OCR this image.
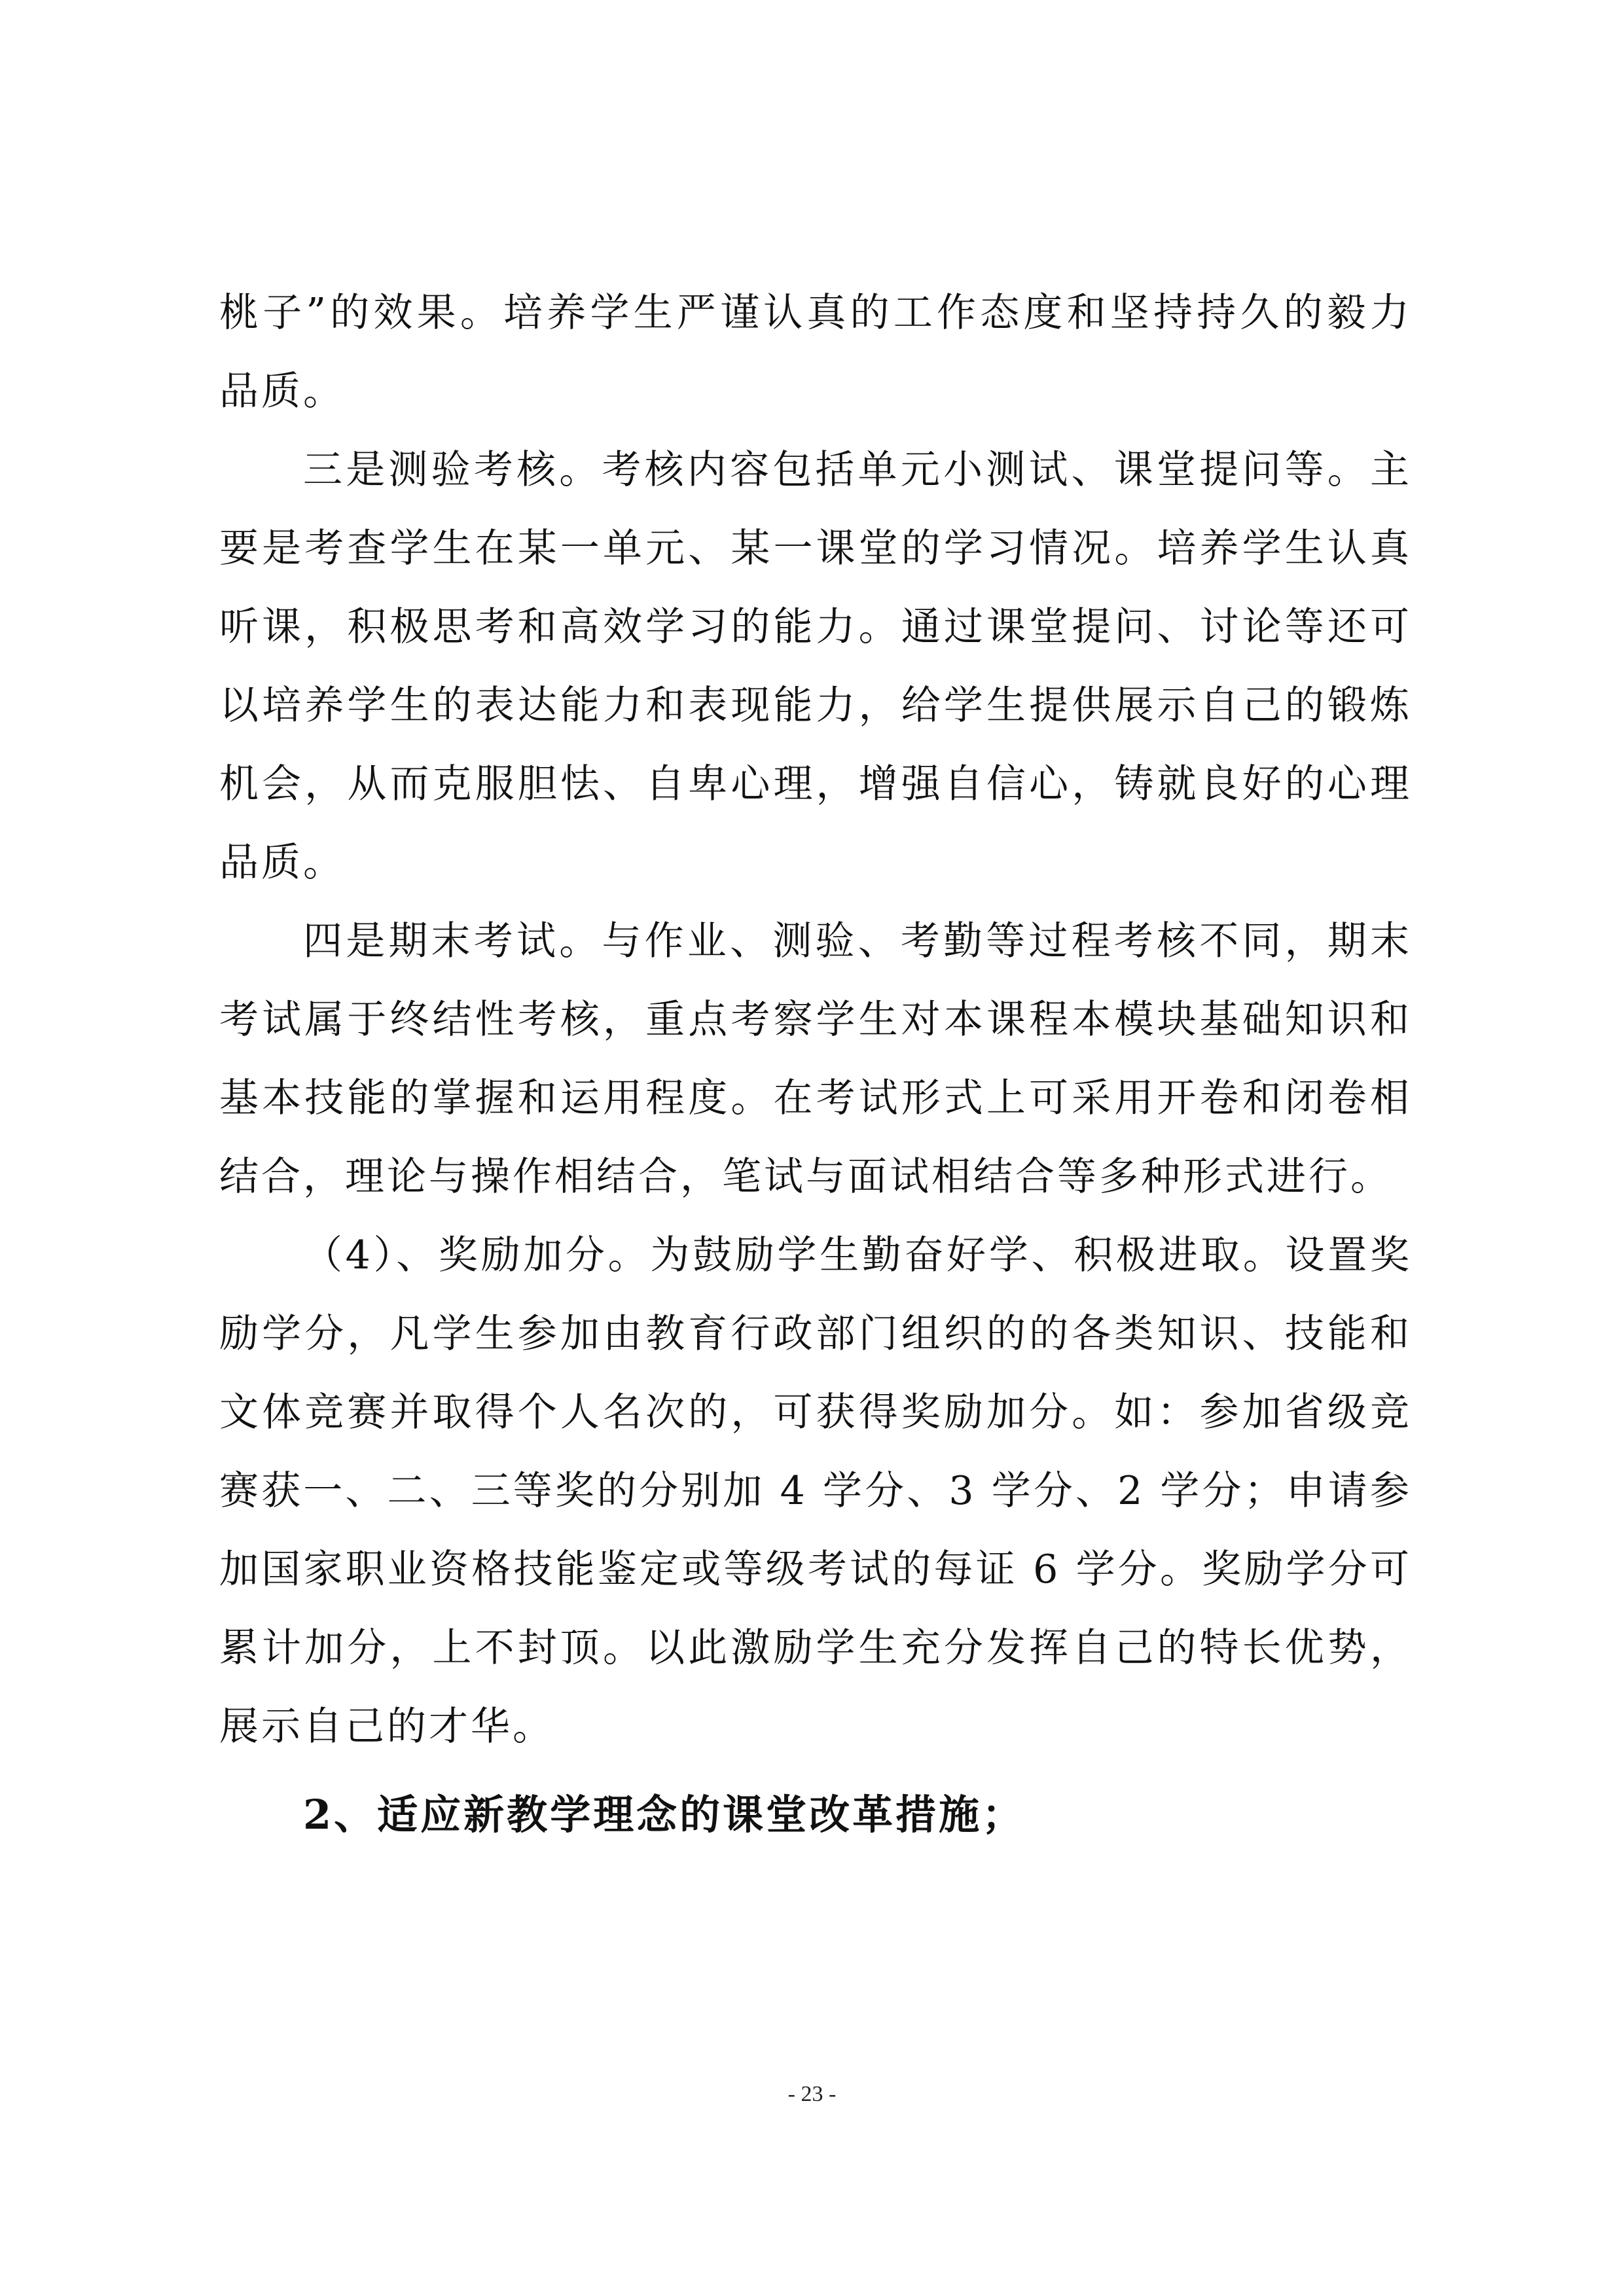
桃子”的效果。培养学生严谨认真的工作态度和坚持持久的毅力品质。

三是测验考核。考核内容包括单元小测试、课堂提问等。主要是考查学生在某一单元、某一课堂的学习情况。培养学生认真听课，积极思考和高效学习的能力。通过课堂提问、讨论等还可以培养学生的表达能力和表现能力，给学生提供展示自己的锻炼机会，从而克服胆怯、自卑心理，增强自信心，铸就良好的心理品质。

四是期末考试。与作业、测验、考勤等过程考核不同，期末考试属于终结性考核，重点考察学生对本课程本模块基础知识和基本技能的掌握和运用程度。在考试形式上可采用开卷和闭卷相结合，理论与操作相结合，笔试与面试相结合等多种形式进行。

（4）、奖励加分。为鼓励学生勤奋好学、积极进取。设置奖励学分，凡学生参加由教育行政部门组织的的各类知识、技能和文体竞赛并取得个人名次的，可获得奖励加分。如：参加省级竞赛获一、二、三等奖的分别加 4 学分、3 学分、2 学分；申请参加国家职业资格技能鉴定或等级考试的每证 6 学分。奖励学分可累计加分，上不封顶。以此激励学生充分发挥自己的特长优势，展示自己的才华。

2、适应新教学理念的课堂改革措施；

- 23 -
